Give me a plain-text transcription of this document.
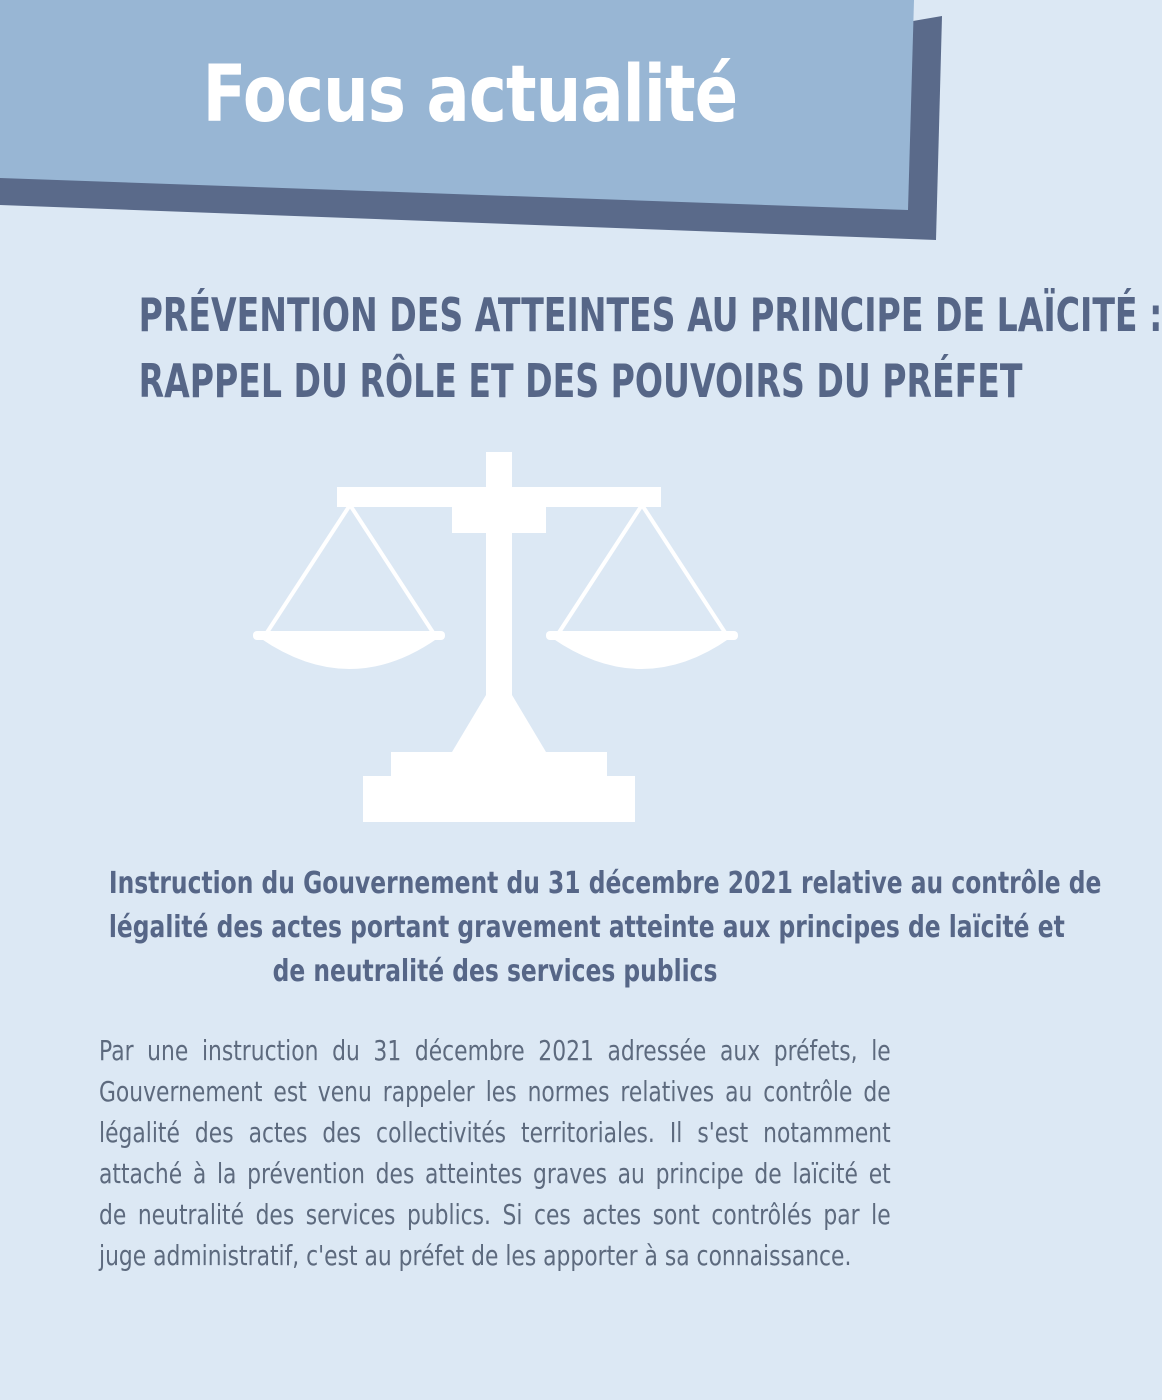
Focus actualité
PRÉVENTION DES ATTEINTES AU PRINCIPE DE LAÏCITÉ :
RAPPEL DU RÔLE ET DES POUVOIRS DU PRÉFET
Instruction du Gouvernement du 31 décembre 2021 relative au contrôle de
légalité des actes portant gravement atteinte aux principes de laïcité et
de neutralité des services publics
Par une instruction du 31 décembre 2021 adressée aux préfets, le
Gouvernement est venu rappeler les normes relatives au contrôle de
légalité des actes des collectivités territoriales. Il s'est notamment
attaché à la prévention des atteintes graves au principe de laïcité et
de neutralité des services publics. Si ces actes sont contrôlés par le
juge administratif, c'est au préfet de les apporter à sa connaissance.
